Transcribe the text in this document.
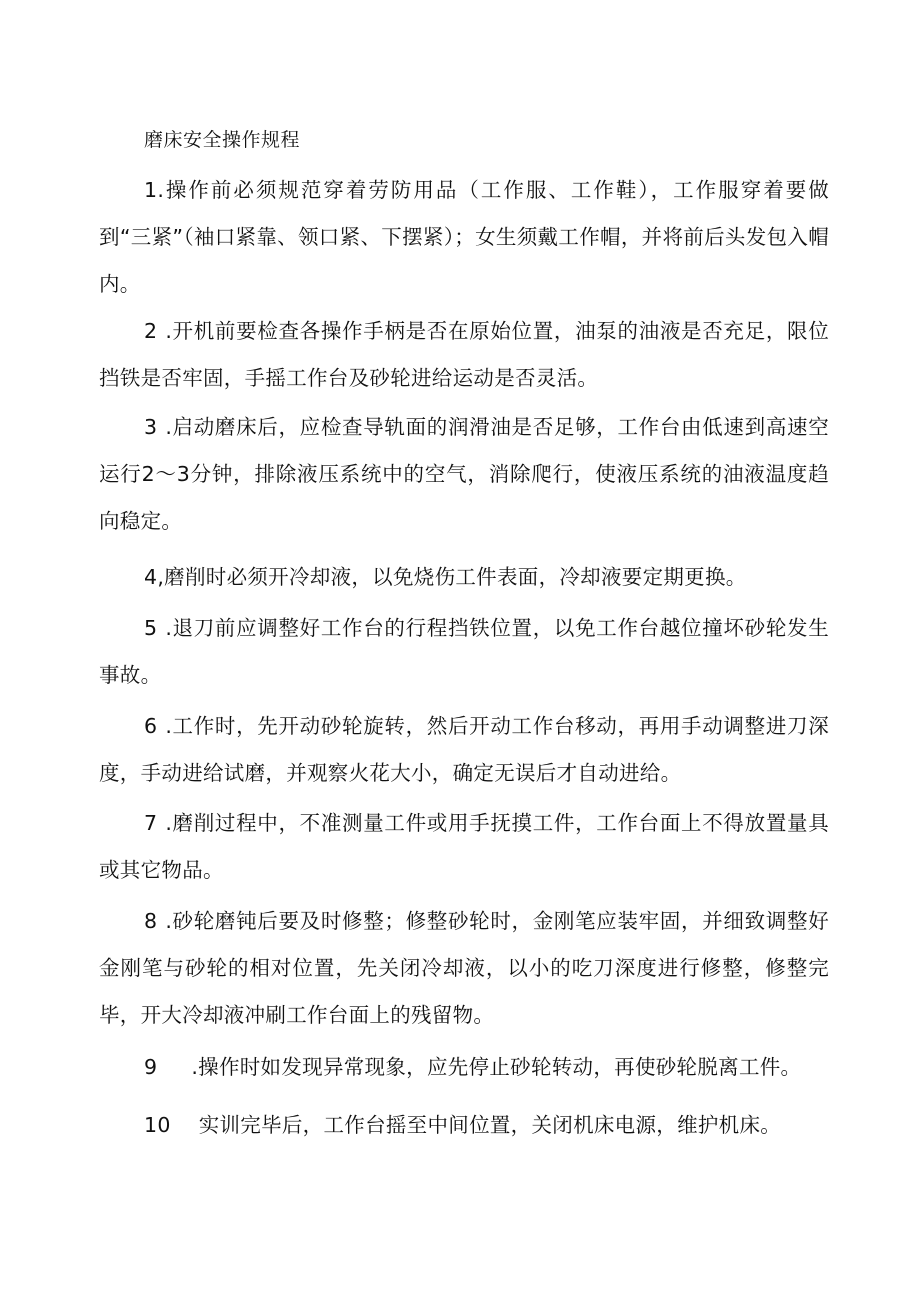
磨床安全操作规程

1.操作前必须规范穿着劳防用品（工作服、工作鞋），工作服穿着要做到“三紧”（袖口紧靠、领口紧、下摆紧）；女生须戴工作帽，并将前后头发包入帽内。

2 .开机前要检查各操作手柄是否在原始位置，油泵的油液是否充足，限位挡铁是否牢固，手摇工作台及砂轮进给运动是否灵活。

3 .启动磨床后，应检查导轨面的润滑油是否足够，工作台由低速到高速空运行2～3分钟，排除液压系统中的空气，消除爬行，使液压系统的油液温度趋向稳定。

4,磨削时必须开冷却液，以免烧伤工件表面，冷却液要定期更换。

5 .退刀前应调整好工作台的行程挡铁位置，以免工作台越位撞坏砂轮发生事故。

6 .工作时，先开动砂轮旋转，然后开动工作台移动，再用手动调整进刀深度，手动进给试磨，并观察火花大小，确定无误后才自动进给。

7 .磨削过程中，不准测量工件或用手抚摸工件，工作台面上不得放置量具或其它物品。

8 .砂轮磨钝后要及时修整；修整砂轮时，金刚笔应装牢固，并细致调整好金刚笔与砂轮的相对位置，先关闭冷却液，以小的吃刀深度进行修整，修整完毕，开大冷却液冲刷工作台面上的残留物。

9 .操作时如发现异常现象，应先停止砂轮转动，再使砂轮脱离工件。

10 实训完毕后，工作台摇至中间位置，关闭机床电源，维护机床。
